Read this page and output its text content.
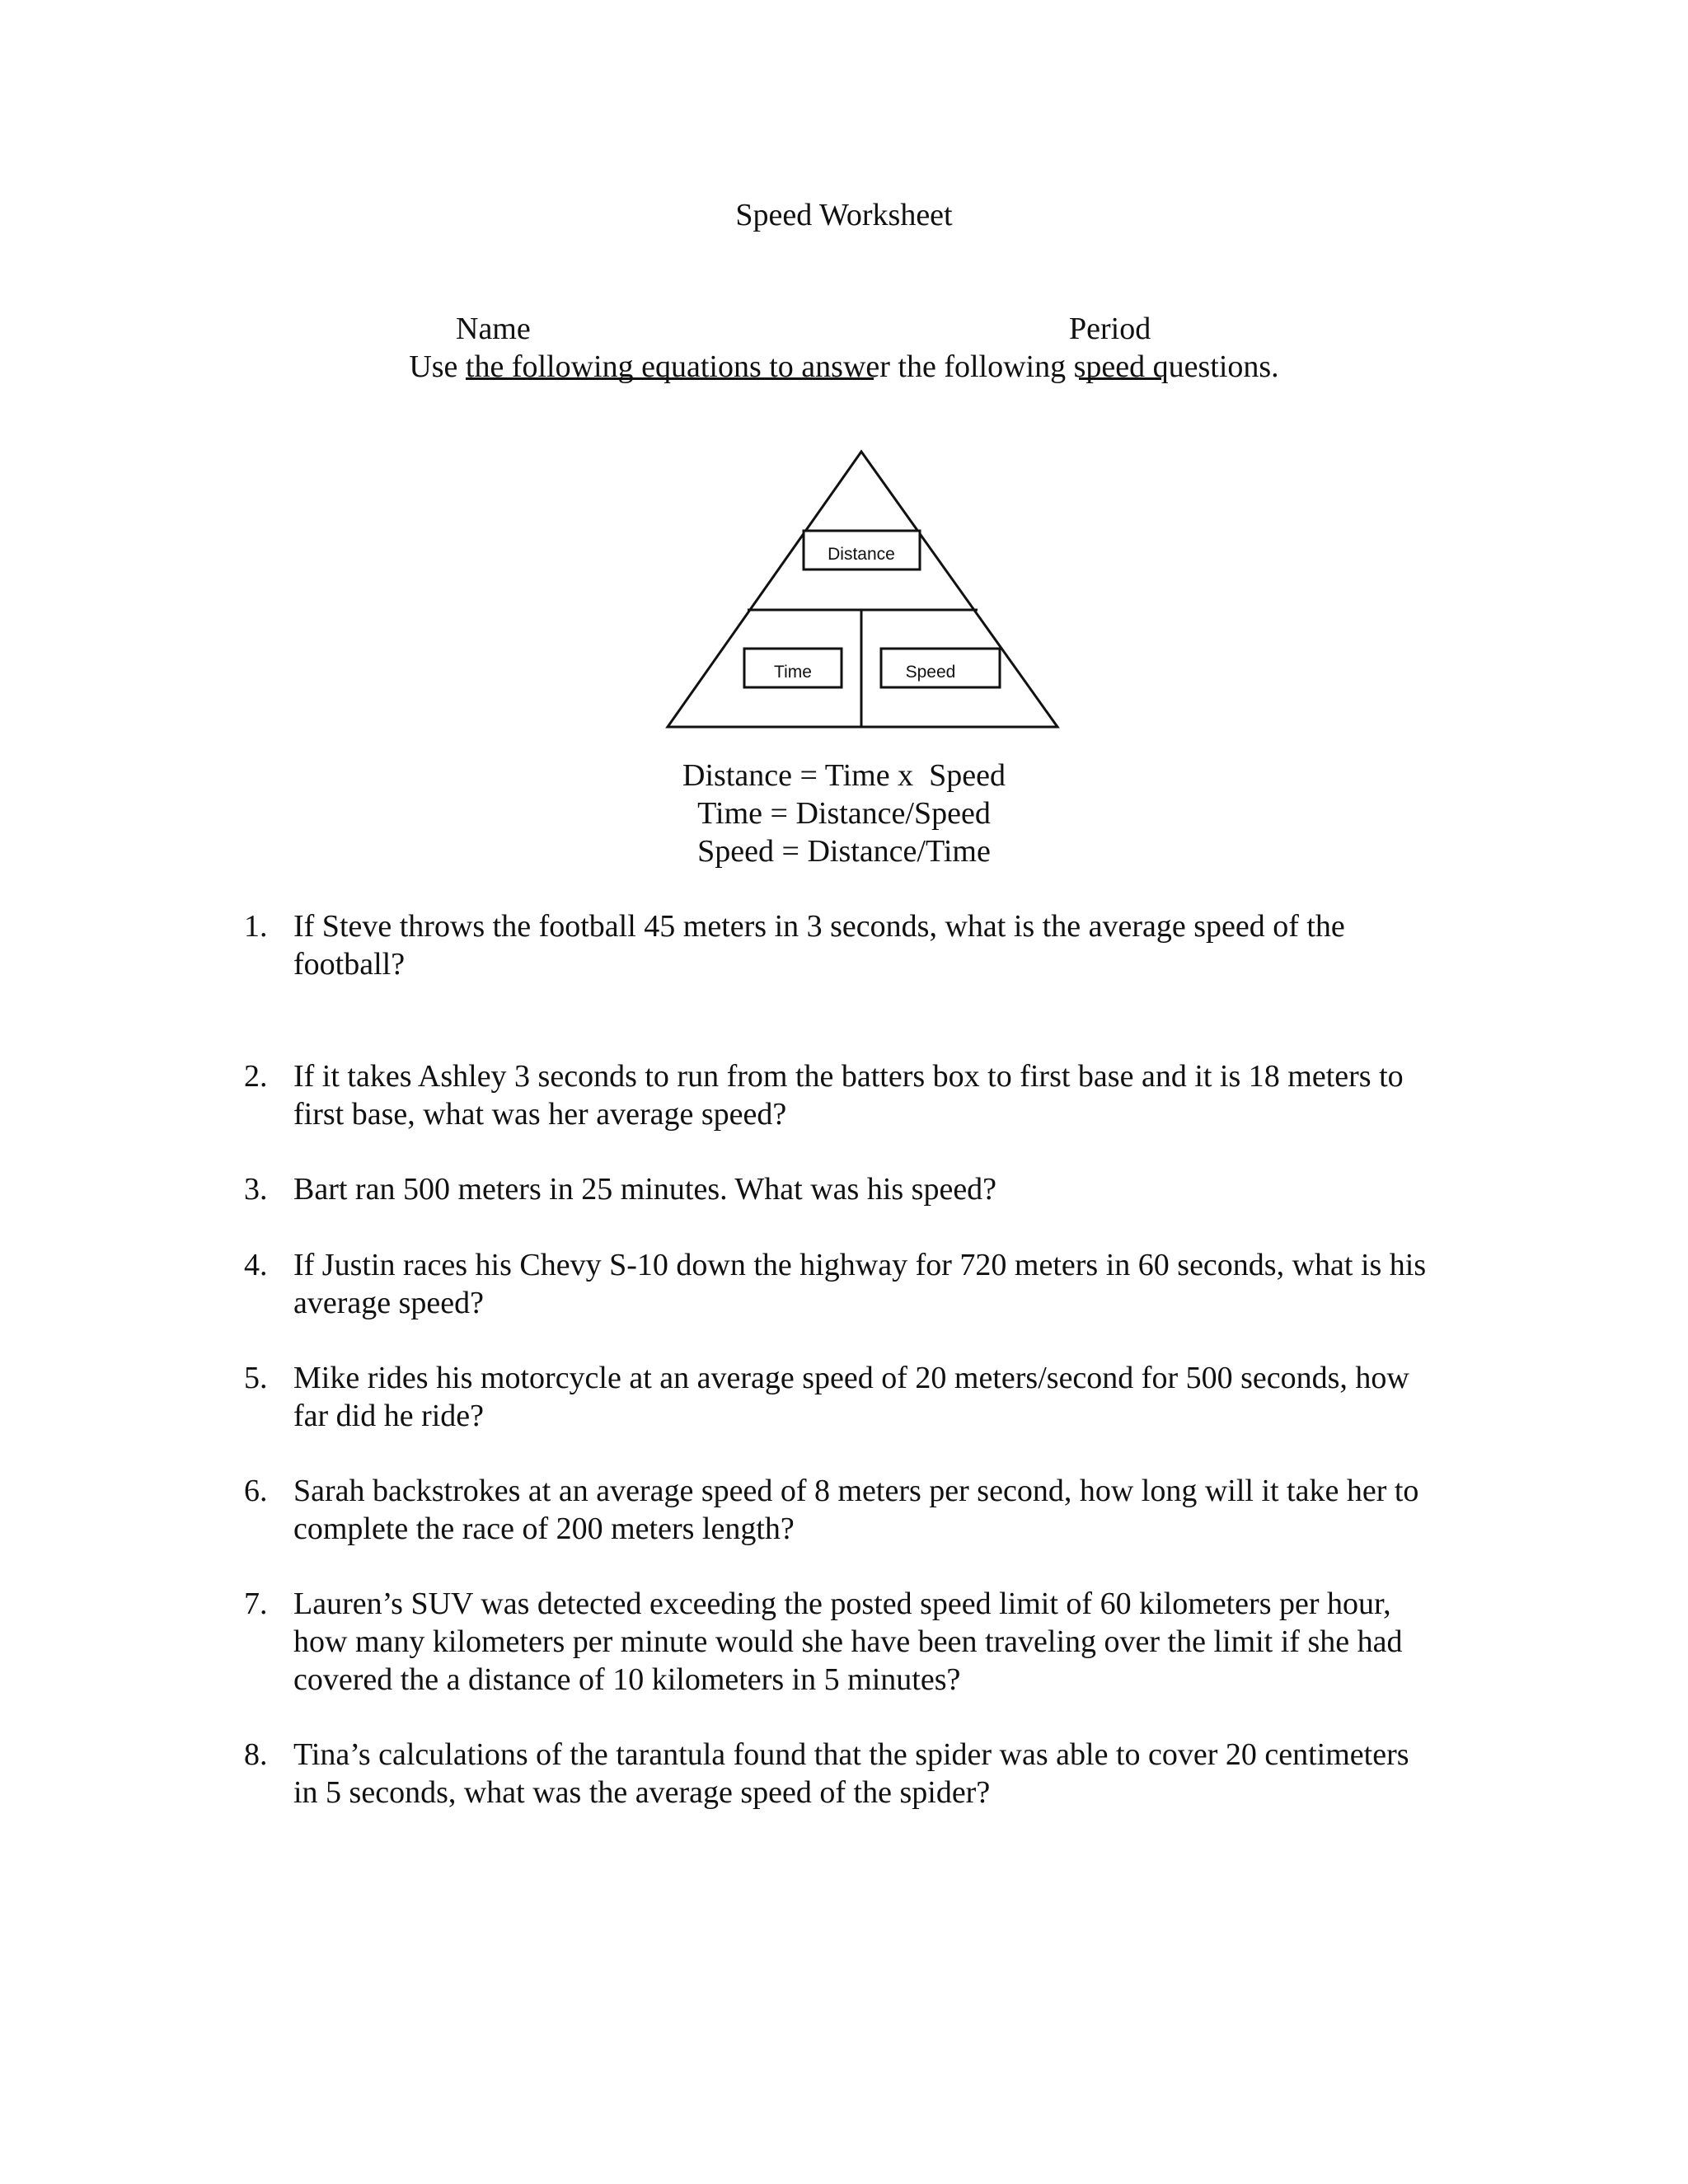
Speed Worksheet

Name
	Period

Use the following equations to answer the following speed questions.
Distance
Time	Speed
Distance = Time x  Speed
Time = Distance/Speed
Speed = Distance/Time
1. If Steve throws the football 45 meters in 3 seconds, what is the average speed of the football?
2. If it takes Ashley 3 seconds to run from the batters box to first base and it is 18 meters to first base, what was her average speed?
3. Bart ran 500 meters in 25 minutes. What was his speed?
4. If Justin races his Chevy S-10 down the highway for 720 meters in 60 seconds, what is his average speed?
5. Mike rides his motorcycle at an average speed of 20 meters/second for 500 seconds, how far did he ride?
6. Sarah backstrokes at an average speed of 8 meters per second, how long will it take her to complete the race of 200 meters length?
7. Lauren’s SUV was detected exceeding the posted speed limit of 60 kilometers per hour, how many kilometers per minute would she have been traveling over the limit if she had covered the a distance of 10 kilometers in 5 minutes?
8. Tina’s calculations of the tarantula found that the spider was able to cover 20 centimeters in 5 seconds, what was the average speed of the spider?
